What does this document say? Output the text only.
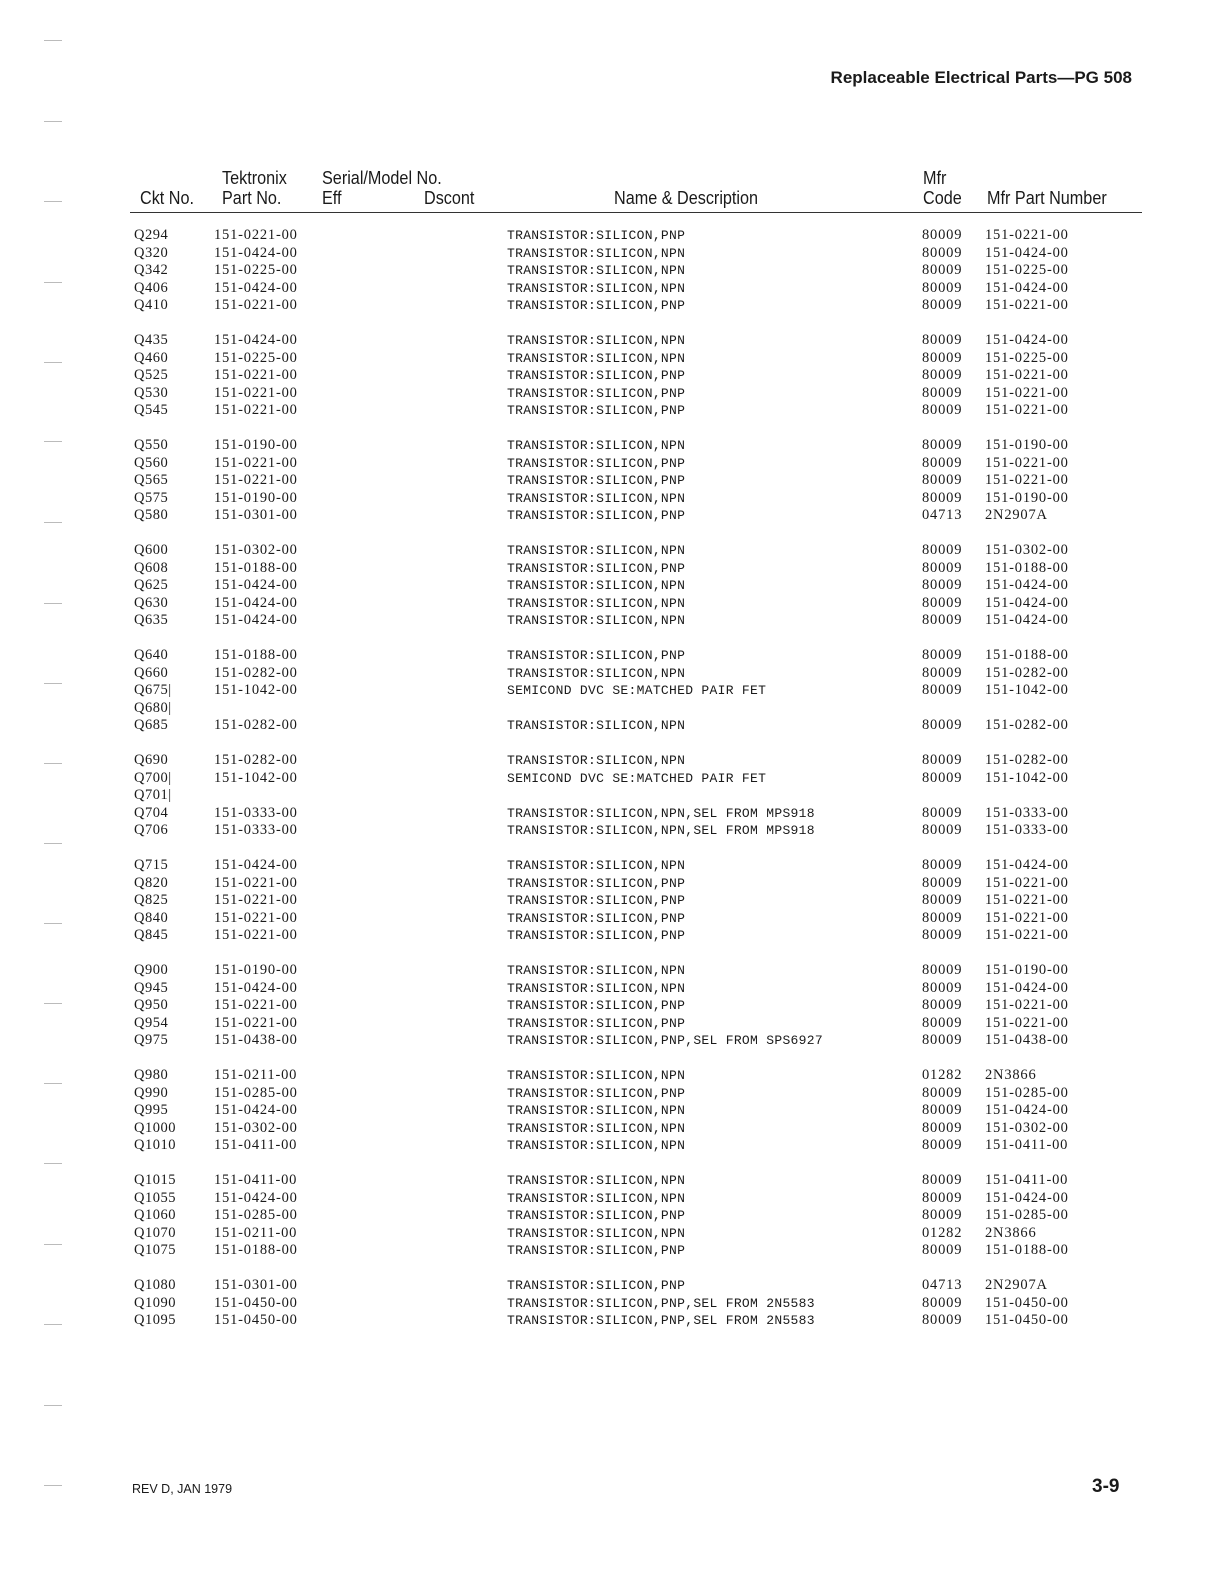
Replaceable Electrical Parts—PG 508
Tektronix Serial/Model No.	Mfr
Ckt No. Part No. Eff	Dscont	Name & Description	Code Mfr Part Number
Q294	151-0221-00	TRANSISTOR:SILICON,PNP	80009 151-0221-00
Q320	151-0424-00	TRANSISTOR:SILICON,NPN	80009 151-0424-00
Q342	151-0225-00	TRANSISTOR:SILICON,NPN	80009 151-0225-00
Q406	151-0424-00	TRANSISTOR:SILICON,NPN	80009 151-0424-00
Q410	151-0221-00	TRANSISTOR:SILICON,PNP	80009 151-0221-00
Q435	151-0424-00	TRANSISTOR:SILICON,NPN	80009 151-0424-00
Q460	151-0225-00	TRANSISTOR:SILICON,NPN	80009 151-0225-00
Q525	151-0221-00	TRANSISTOR:SILICON,PNP	80009 151-0221-00
Q530	151-0221-00	TRANSISTOR:SILICON,PNP	80009 151-0221-00
Q545	151-0221-00	TRANSISTOR:SILICON,PNP	80009 151-0221-00
Q550	151-0190-00	TRANSISTOR:SILICON,NPN	80009 151-0190-00
Q560	151-0221-00	TRANSISTOR:SILICON,PNP	80009 151-0221-00
Q565	151-0221-00	TRANSISTOR:SILICON,PNP	80009 151-0221-00
Q575	151-0190-00	TRANSISTOR:SILICON,NPN	80009 151-0190-00
Q580	151-0301-00	TRANSISTOR:SILICON,PNP	04713 2N2907A
Q600	151-0302-00	TRANSISTOR:SILICON,NPN	80009 151-0302-00
Q608	151-0188-00	TRANSISTOR:SILICON,PNP	80009 151-0188-00
Q625	151-0424-00	TRANSISTOR:SILICON,NPN	80009 151-0424-00
Q630	151-0424-00	TRANSISTOR:SILICON,NPN	80009 151-0424-00
Q635	151-0424-00	TRANSISTOR:SILICON,NPN	80009 151-0424-00
Q640	151-0188-00	TRANSISTOR:SILICON,PNP	80009 151-0188-00
Q660	151-0282-00	TRANSISTOR:SILICON,NPN	80009 151-0282-00
Q675|	151-1042-00	SEMICOND DVC SE:MATCHED PAIR FET	80009 151-1042-00
Q680|
Q685	151-0282-00	TRANSISTOR:SILICON,NPN	80009 151-0282-00
Q690	151-0282-00	TRANSISTOR:SILICON,NPN	80009 151-0282-00
Q700|	151-1042-00	SEMICOND DVC SE:MATCHED PAIR FET	80009 151-1042-00
Q701|
Q704	151-0333-00	TRANSISTOR:SILICON,NPN,SEL FROM MPS918	80009 151-0333-00
Q706	151-0333-00	TRANSISTOR:SILICON,NPN,SEL FROM MPS918	80009 151-0333-00
Q715	151-0424-00	TRANSISTOR:SILICON,NPN	80009 151-0424-00
Q820	151-0221-00	TRANSISTOR:SILICON,PNP	80009 151-0221-00
Q825	151-0221-00	TRANSISTOR:SILICON,PNP	80009 151-0221-00
Q840	151-0221-00	TRANSISTOR:SILICON,PNP	80009 151-0221-00
Q845	151-0221-00	TRANSISTOR:SILICON,PNP	80009 151-0221-00
Q900	151-0190-00	TRANSISTOR:SILICON,NPN	80009 151-0190-00
Q945	151-0424-00	TRANSISTOR:SILICON,NPN	80009 151-0424-00
Q950	151-0221-00	TRANSISTOR:SILICON,PNP	80009 151-0221-00
Q954	151-0221-00	TRANSISTOR:SILICON,PNP	80009 151-0221-00
Q975	151-0438-00	TRANSISTOR:SILICON,PNP,SEL FROM SPS6927	80009 151-0438-00
Q980	151-0211-00	TRANSISTOR:SILICON,NPN	01282 2N3866
Q990	151-0285-00	TRANSISTOR:SILICON,PNP	80009 151-0285-00
Q995	151-0424-00	TRANSISTOR:SILICON,NPN	80009 151-0424-00
Q1000	151-0302-00	TRANSISTOR:SILICON,NPN	80009 151-0302-00
Q1010	151-0411-00	TRANSISTOR:SILICON,NPN	80009 151-0411-00
Q1015	151-0411-00	TRANSISTOR:SILICON,NPN	80009 151-0411-00
Q1055	151-0424-00	TRANSISTOR:SILICON,NPN	80009 151-0424-00
Q1060	151-0285-00	TRANSISTOR:SILICON,PNP	80009 151-0285-00
Q1070	151-0211-00	TRANSISTOR:SILICON,NPN	01282 2N3866
Q1075	151-0188-00	TRANSISTOR:SILICON,PNP	80009 151-0188-00
Q1080	151-0301-00	TRANSISTOR:SILICON,PNP	04713 2N2907A
Q1090	151-0450-00	TRANSISTOR:SILICON,PNP,SEL FROM 2N5583	80009 151-0450-00
Q1095	151-0450-00	TRANSISTOR:SILICON,PNP,SEL FROM 2N5583	80009 151-0450-00
REV D, JAN 1979	3-9
